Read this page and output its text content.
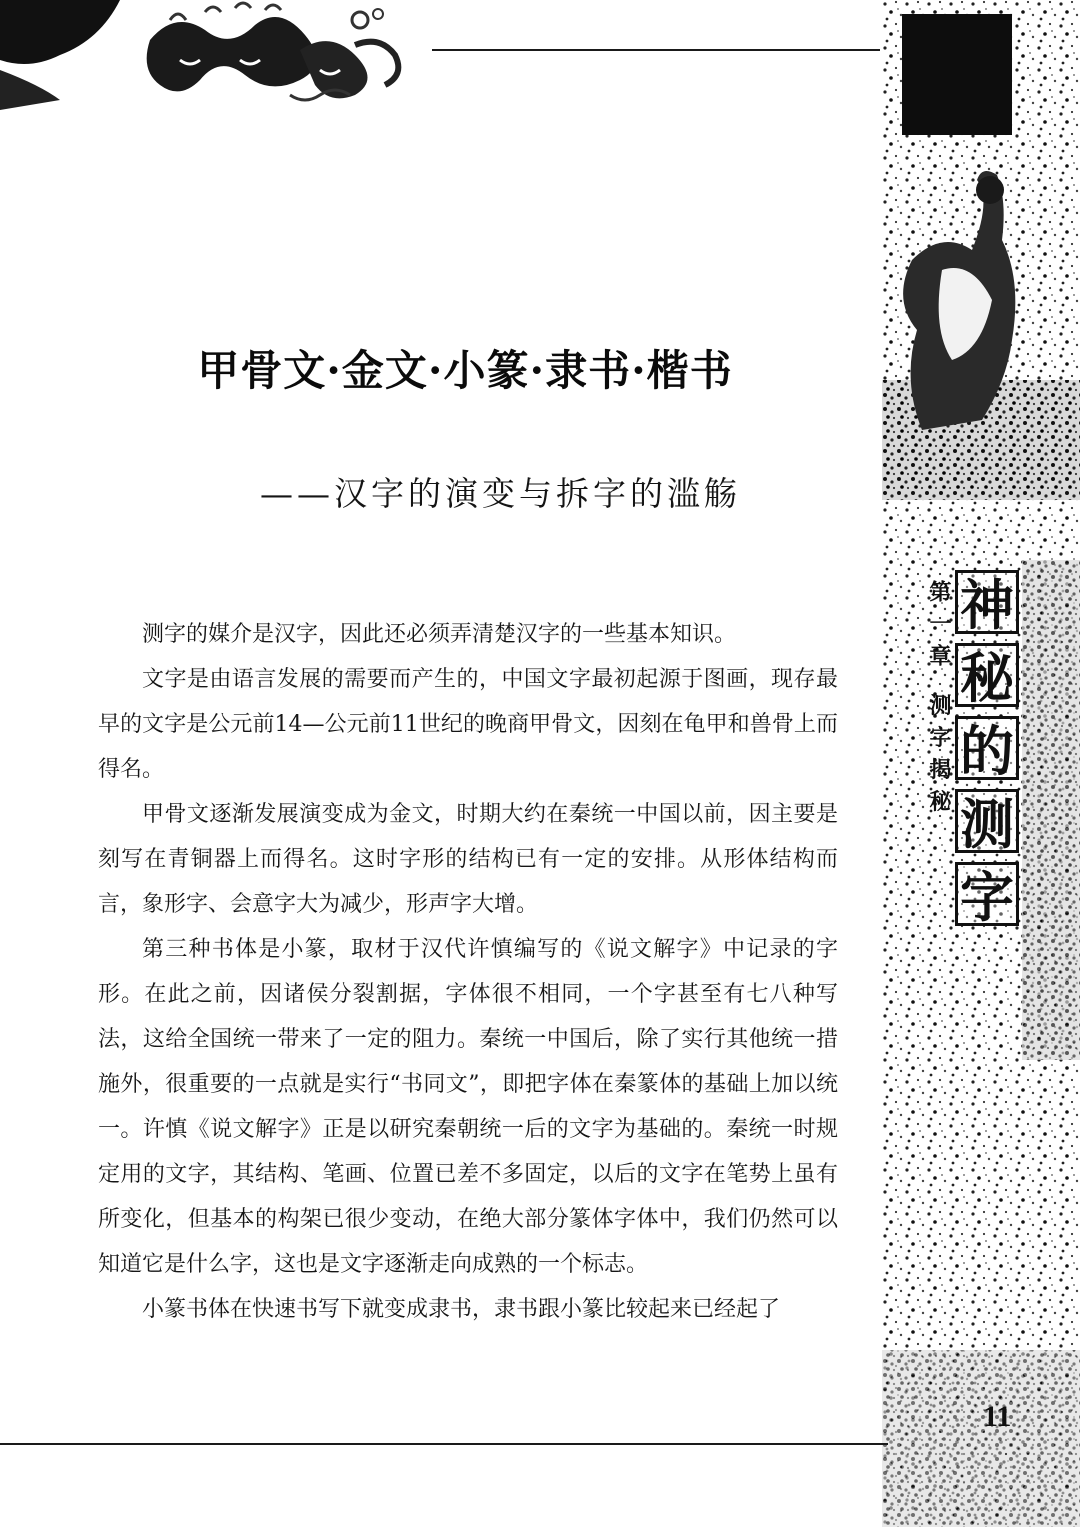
第一章 测字揭秘 神
秘
的
测
字
11
甲骨文·金文·小篆·隶书·楷书
——汉字的演变与拆字的滥觞

测字的媒介是汉字，因此还必须弄清楚汉字的一些基本知识。

文字是由语言发展的需要而产生的，中国文字最初起源于图画，现存最早的文字是公元前14—公元前11世纪的晚商甲骨文，因刻在龟甲和兽骨上而得名。

甲骨文逐渐发展演变成为金文，时期大约在秦统一中国以前，因主要是刻写在青铜器上而得名。这时字形的结构已有一定的安排。从形体结构而言，象形字、会意字大为减少，形声字大增。

第三种书体是小篆，取材于汉代许慎编写的《说文解字》中记录的字形。在此之前，因诸侯分裂割据，字体很不相同，一个字甚至有七八种写法，这给全国统一带来了一定的阻力。秦统一中国后，除了实行其他统一措施外，很重要的一点就是实行“书同文”，即把字体在秦篆体的基础上加以统一。许慎《说文解字》正是以研究秦朝统一后的文字为基础的。秦统一时规定用的文字，其结构、笔画、位置已差不多固定，以后的文字在笔势上虽有所变化，但基本的构架已很少变动，在绝大部分篆体字体中，我们仍然可以知道它是什么字，这也是文字逐渐走向成熟的一个标志。

小篆书体在快速书写下就变成隶书，隶书跟小篆比较起来已经起了
